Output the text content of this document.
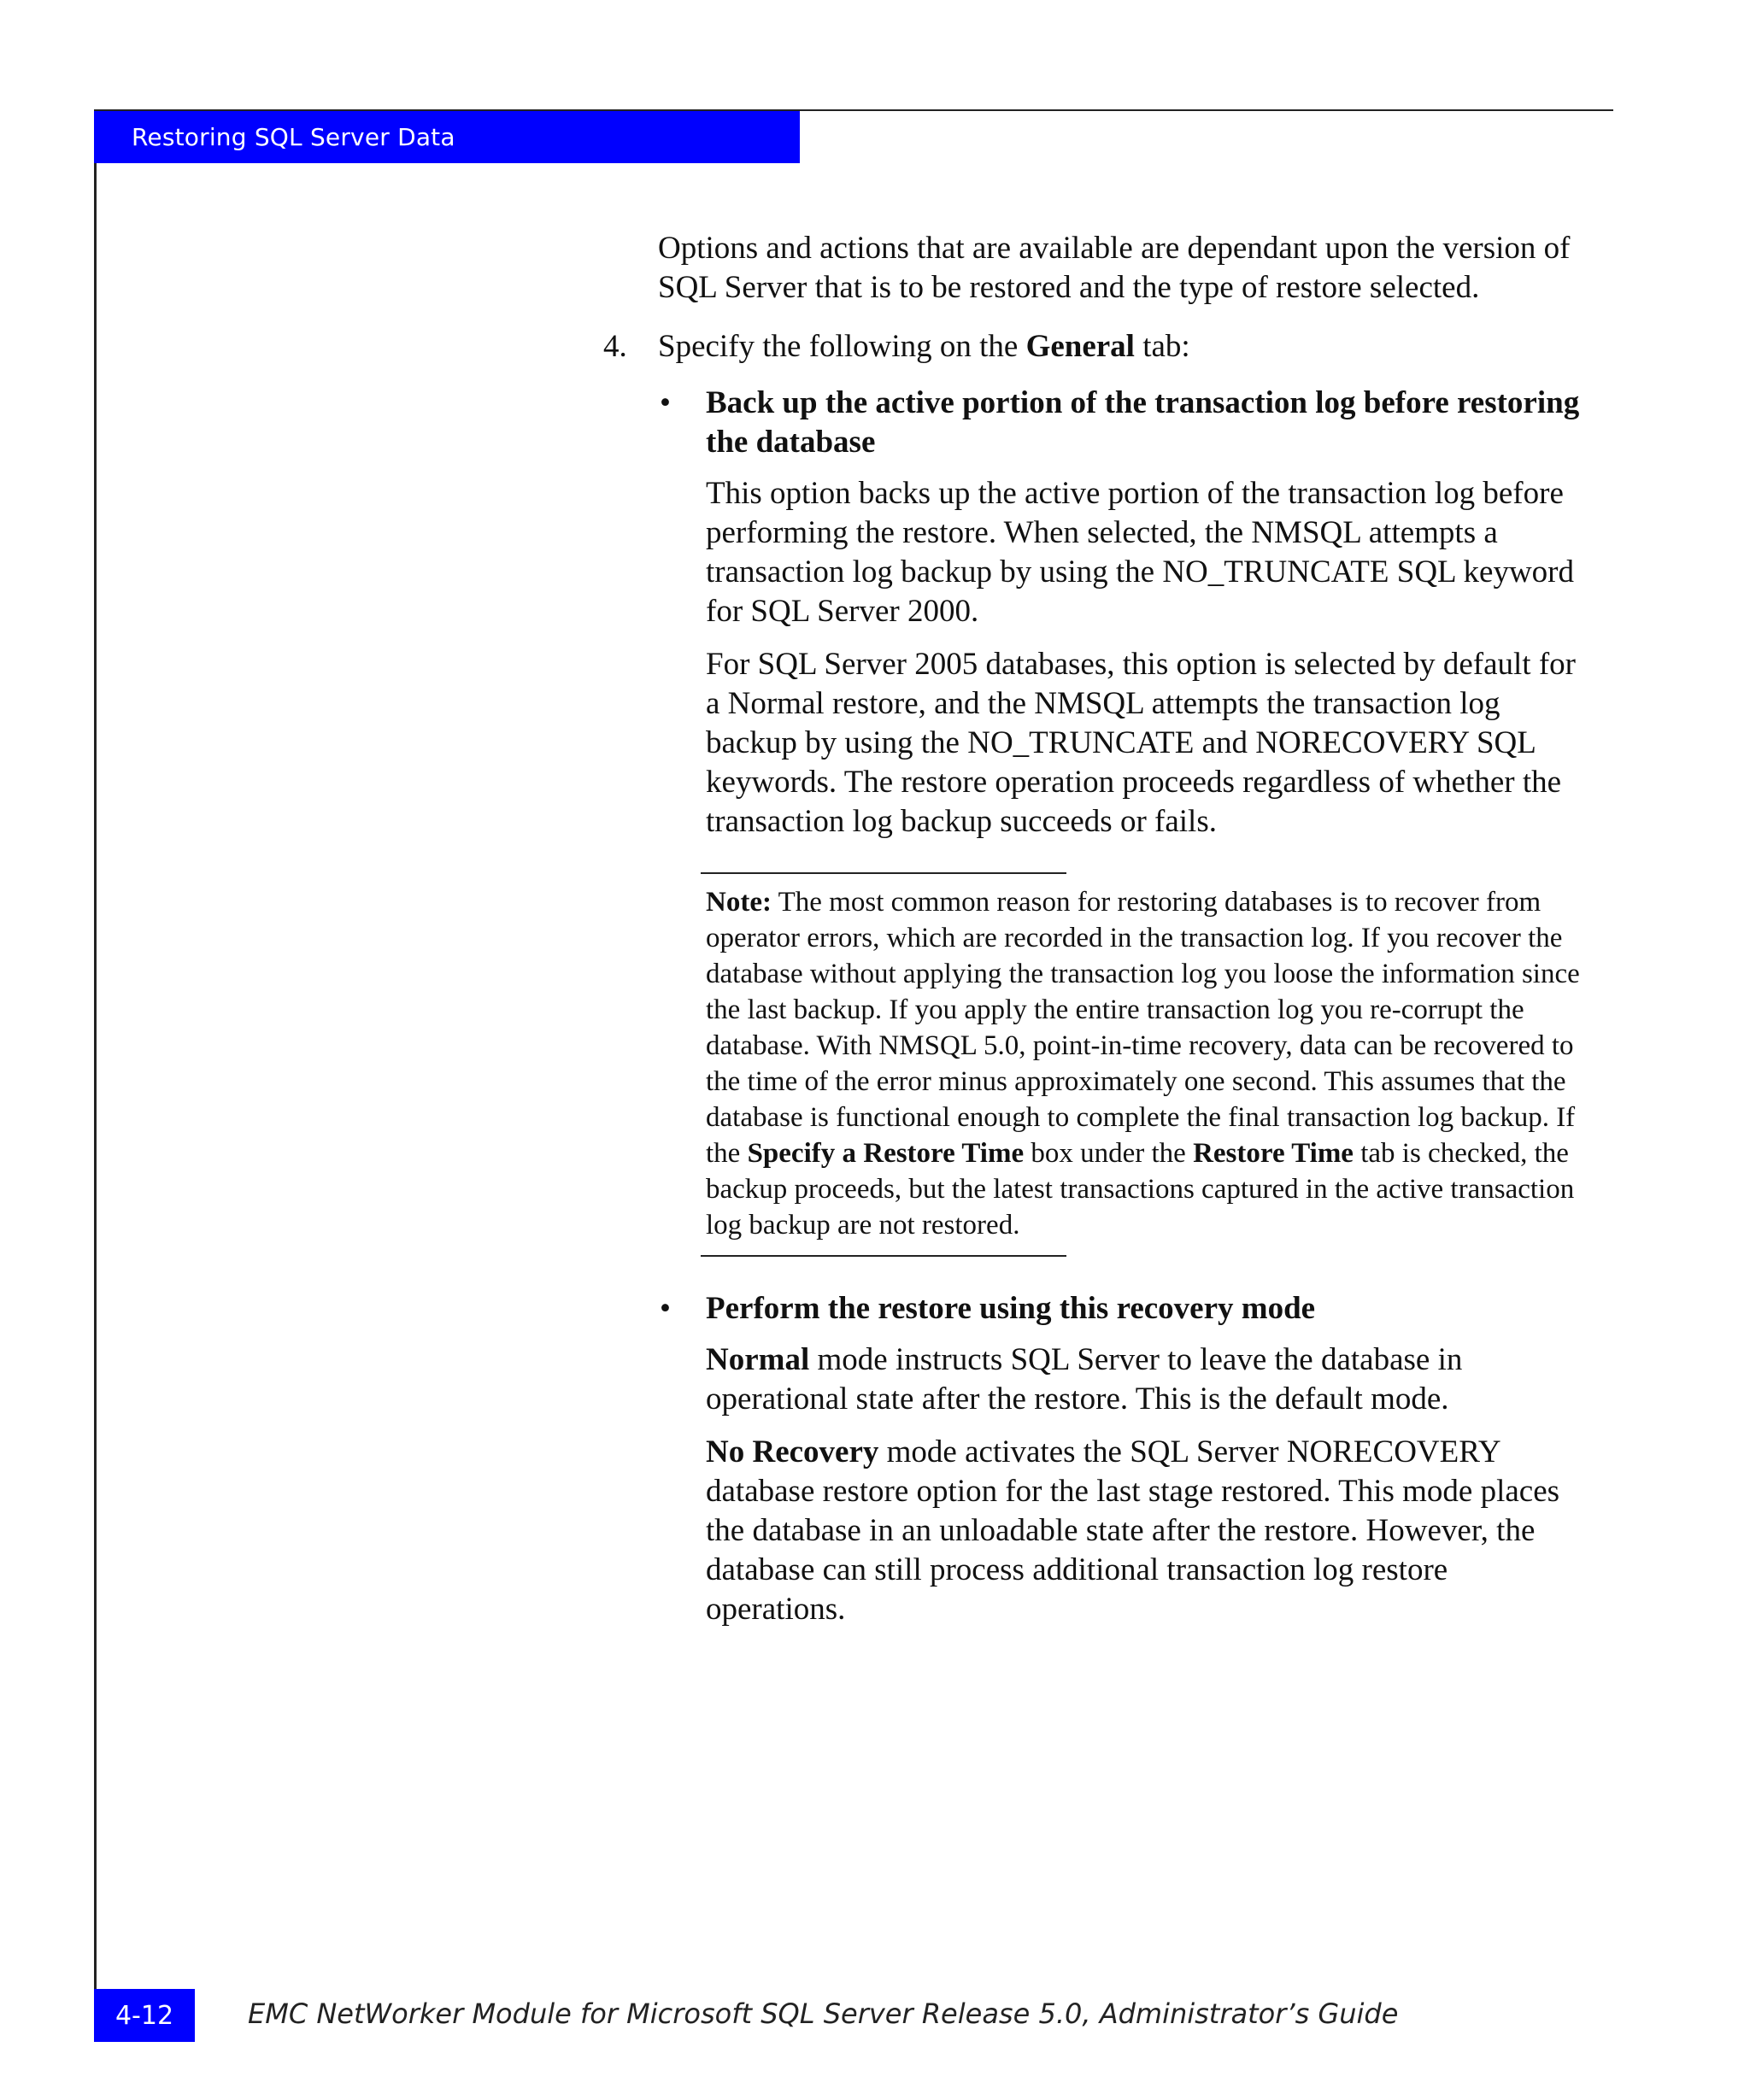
Restoring SQL Server Data

Options and actions that are available are dependant upon the version of SQL Server that is to be restored and the type of restore selected.

4. Specify the following on the General tab:

• Back up the active portion of the transaction log before restoring the database

This option backs up the active portion of the transaction log before performing the restore. When selected, the NMSQL attempts a transaction log backup by using the NO_TRUNCATE SQL keyword for SQL Server 2000.

For SQL Server 2005 databases, this option is selected by default for a Normal restore, and the NMSQL attempts the transaction log backup by using the NO_TRUNCATE and NORECOVERY SQL keywords. The restore operation proceeds regardless of whether the transaction log backup succeeds or fails.

Note: The most common reason for restoring databases is to recover from operator errors, which are recorded in the transaction log. If you recover the database without applying the transaction log you loose the information since the last backup. If you apply the entire transaction log you re-corrupt the database. With NMSQL 5.0, point-in-time recovery, data can be recovered to the time of the error minus approximately one second. This assumes that the database is functional enough to complete the final transaction log backup. If the Specify a Restore Time box under the Restore Time tab is checked, the backup proceeds, but the latest transactions captured in the active transaction log backup are not restored.
• Perform the restore using this recovery mode

Normal mode instructs SQL Server to leave the database in operational state after the restore. This is the default mode.

No Recovery mode activates the SQL Server NORECOVERY database restore option for the last stage restored. This mode places the database in an unloadable state after the restore. However, the database can still process additional transaction log restore operations.

4-12	EMC NetWorker Module for Microsoft SQL Server Release 5.0, Administrator’s Guide
